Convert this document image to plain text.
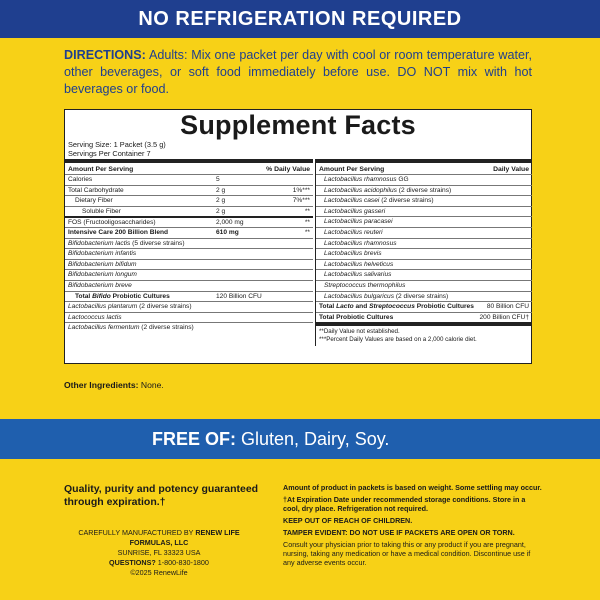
NO REFRIGERATION REQUIRED
DIRECTIONS: Adults: Mix one packet per day with cool or room temperature water, other beverages, or soft food immediately before use. DO NOT mix with hot beverages or food.
Supplement Facts
Serving Size: 1 Packet (3.5 g)
Servings Per Container 7
Amount Per Serving	% Daily Value
Calories	5
Total Carbohydrate	2 g	1%***
Dietary Fiber	2 g	7%***
Soluble Fiber	2 g	**
FOS (Fructooligosaccharides)	2,000 mg	**
Intensive Care 200 Billion Blend	610 mg	**
Bifidobacterium lactis (5 diverse strains)
Bifidobacterium infantis
Bifidobacterium bifidum
Bifidobacterium longum
Bifidobacterium breve
Total Bifido Probiotic Cultures	120 Billion CFU
Lactobacillus plantarum (2 diverse strains)
Lactococcus lactis
Lactobacillus fermentum (2 diverse strains)
Amount Per Serving	Daily Value
Lactobacillus rhamnosus GG
Lactobacillus acidophilus (2 diverse strains)
Lactobacillus casei (2 diverse strains)
Lactobacillus gasseri
Lactobacillus paracasei
Lactobacillus reuteri
Lactobacillus rhamnosus
Lactobacillus brevis
Lactobacillus helveticus
Lactobacillus salivarius
Streptococcus thermophilus
Lactobacillus bulgaricus (2 diverse strains)
Total Lacto and Streptococcus Probiotic Cultures	80 Billion CFU
Total Probiotic Cultures	200 Billion CFU†
**Daily Value not established.
***Percent Daily Values are based on a 2,000 calorie diet.
Other Ingredients: None.
FREE OF: Gluten, Dairy, Soy.
Quality, purity and potency guaranteed through expiration.†
CAREFULLY MANUFACTURED BY RENEW LIFE FORMULAS, LLC
SUNRISE, FL 33323 USA
QUESTIONS? 1-800-830-1800
©2025 RenewLife

Amount of product in packets is based on weight. Some settling may occur.

†At Expiration Date under recommended storage conditions. Store in a cool, dry place. Refrigeration not required.

KEEP OUT OF REACH OF CHILDREN.

TAMPER EVIDENT: DO NOT USE IF PACKETS ARE OPEN OR TORN.

Consult your physician prior to taking this or any product if you are pregnant, nursing, taking any medication or have a medical condition. Discontinue use if any adverse events occur.
